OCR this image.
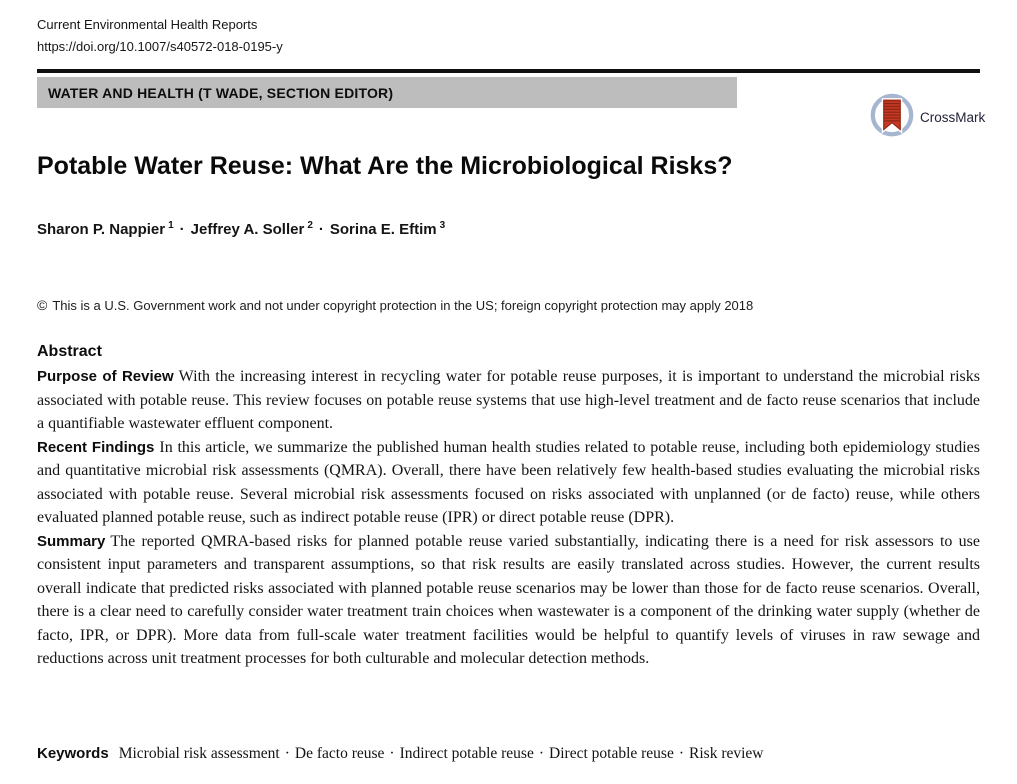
Current Environmental Health Reports
https://doi.org/10.1007/s40572-018-0195-y
WATER AND HEALTH (T WADE, SECTION EDITOR)
CrossMark
Potable Water Reuse: What Are the Microbiological Risks?
Sharon P. Nappier $^1$ · Jeffrey A. Soller $^2$ · Sorina E. Eftim $^3$
© This is a U.S. Government work and not under copyright protection in the US; foreign copyright protection may apply 2018
Abstract

Purpose of Review With the increasing interest in recycling water for potable reuse purposes, it is important to understand the microbial risks associated with potable reuse. This review focuses on potable reuse systems that use high-level treatment and de facto reuse scenarios that include a quantifiable wastewater effluent component.

Recent Findings In this article, we summarize the published human health studies related to potable reuse, including both epidemiology studies and quantitative microbial risk assessments (QMRA). Overall, there have been relatively few health-based studies evaluating the microbial risks associated with potable reuse. Several microbial risk assessments focused on risks associated with unplanned (or de facto) reuse, while others evaluated planned potable reuse, such as indirect potable reuse (IPR) or direct potable reuse (DPR).

Summary The reported QMRA-based risks for planned potable reuse varied substantially, indicating there is a need for risk assessors to use consistent input parameters and transparent assumptions, so that risk results are easily translated across studies. However, the current results overall indicate that predicted risks associated with planned potable reuse scenarios may be lower than those for de facto reuse scenarios. Overall, there is a clear need to carefully consider water treatment train choices when wastewater is a component of the drinking water supply (whether de facto, IPR, or DPR). More data from full-scale water treatment facilities would be helpful to quantify levels of viruses in raw sewage and reductions across unit treatment processes for both culturable and molecular detection methods.

Keywords Microbial risk assessment · De facto reuse · Indirect potable reuse · Direct potable reuse · Risk review
